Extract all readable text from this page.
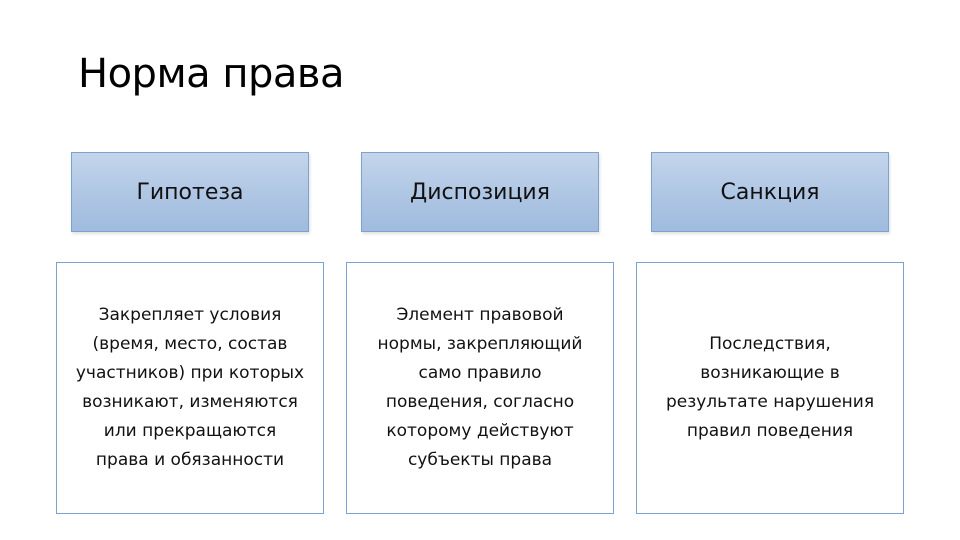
Норма права
Гипотеза
Закрепляет условия
(время, место, состав
участников) при которых
возникают, изменяются
или прекращаются
права и обязанности
Диспозиция
Элемент правовой
нормы, закрепляющий
само правило
поведения, согласно
которому действуют
субъекты права
Санкция
Последствия,
возникающие в
результате нарушения
правил поведения
